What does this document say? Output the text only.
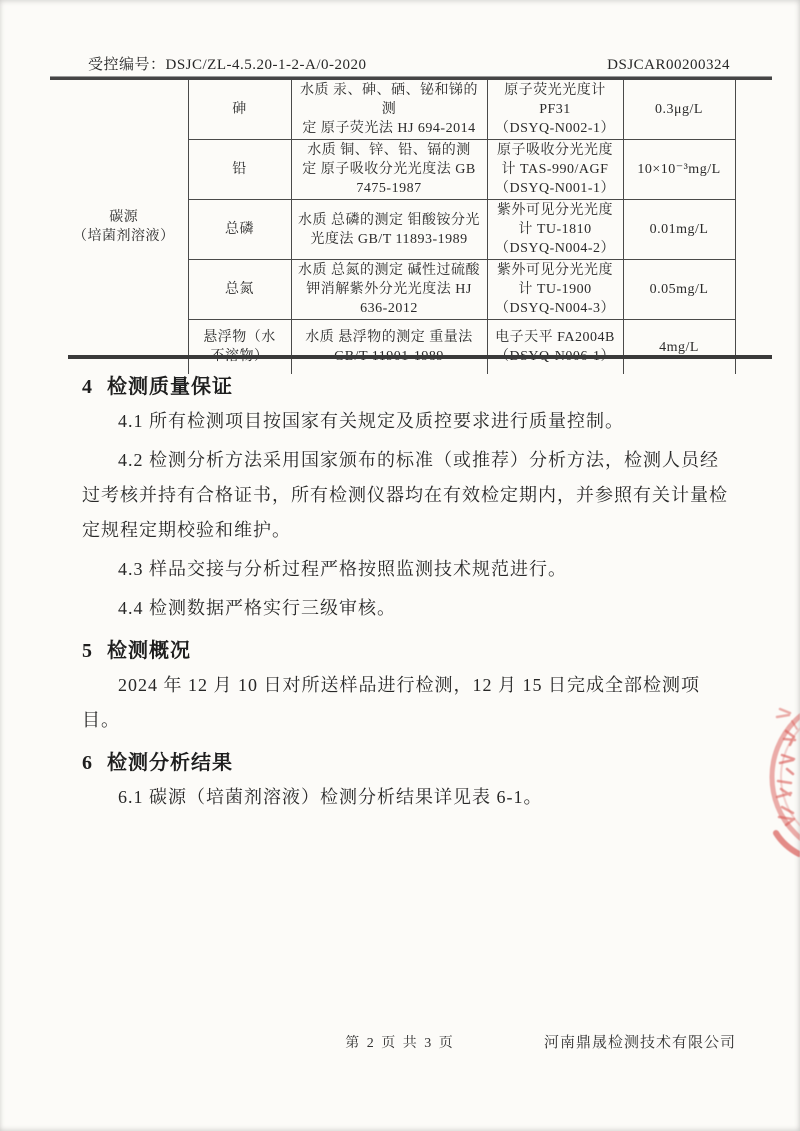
受控编号：DSJC/ZL-4.5.20-1-2-A/0-2020	DSJCAR00200324
碳源
（培菌剂溶液）	砷	水质 汞、砷、硒、铋和锑的测
定 原子荧光法 HJ 694-2014	原子荧光光度计
PF31
（DSYQ-N002-1）	0.3μg/L
	铅	水质 铜、锌、铅、镉的测
定 原子吸收分光光度法 GB
7475-1987	原子吸收分光光度
计 TAS-990/AGF
（DSYQ-N001-1）	10×10⁻³mg/L
	总磷	水质 总磷的测定 钼酸铵分光
光度法 GB/T 11893-1989	紫外可见分光光度
计 TU-1810
（DSYQ-N004-2）	0.01mg/L
	总氮	水质 总氮的测定 碱性过硫酸
钾消解紫外分光光度法 HJ
636-2012	紫外可见分光光度
计 TU-1900
（DSYQ-N004-3）	0.05mg/L
	悬浮物（水	水质 悬浮物的测定 重量法	电子天平 FA2004B	4mg/L
4 检测质量保证

4.1 所有检测项目按国家有关规定及质控要求进行质量控制。

4.2 检测分析方法采用国家颁布的标准（或推荐）分析方法，检测人员经过考核并持有合格证书，所有检测仪器均在有效检定期内，并参照有关计量检定规程定期校验和维护。

4.3 样品交接与分析过程严格按照监测技术规范进行。

4.4 检测数据严格实行三级审核。

5 检测概况

2024 年 12 月 10 日对所送样品进行检测，12 月 15 日完成全部检测项目。

6 检测分析结果

6.1 碳源（培菌剂溶液）检测分析结果详见表 6-1。

第 2 页 共 3 页	河南鼎晟检测技术有限公司
